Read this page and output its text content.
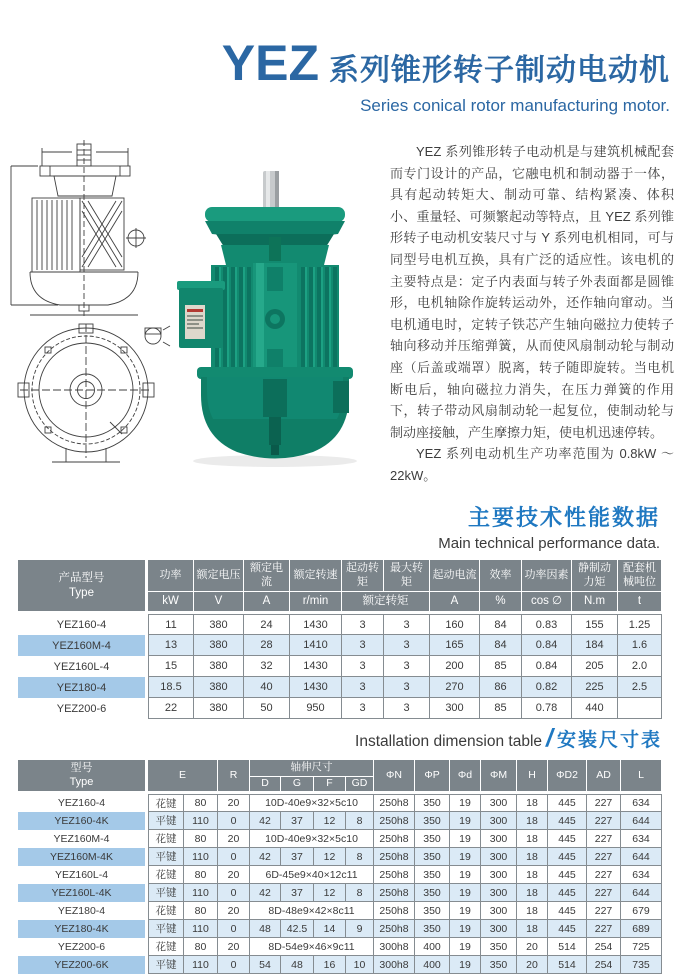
YEZ 系列锥形转子制动电动机
Series conical rotor manufacturing motor.

YEZ 系列锥形转子电动机是与建筑机械配套而专门设计的产品，它融电机和制动器于一体，具有起动转矩大、制动可靠、结构紧凑、体积小、重量轻、可频繁起动等特点，且 YEZ 系列锥形转子电动机安装尺寸与 Y 系列电机相同，可与同型号电机互换，具有广泛的适应性。该电机的主要特点是：定子内表面与转子外表面都是圆锥形，电机轴除作旋转运动外，还作轴向窜动。当电机通电时，定转子铁芯产生轴向磁拉力使转子轴向移动并压缩弹簧，从而使风扇制动轮与制动座（后盖或端罩）脱离，转子随即旋转。当电机断电后，轴向磁拉力消失，在压力弹簧的作用下，转子带动风扇制动轮一起复位，使制动轮与制动座接触，产生摩擦力矩，使电机迅速停转。

YEZ 系列电动机生产功率范围为 0.8kW ～ 22kW。

主要技术性能数据
Main technical performance data.
产品型号
Type	功率	额定电压	额定电流	额定转速	起动转矩	最大转矩	起动电流	效率	功率因素	静制动力矩	配套机械吨位
	kW	V	A	r/min	额定转矩		A	%	cos ∅	N.m	t
YEZ160-4	11	380	24	1430	3	3	160	84	0.83	155	1.25
YEZ160M-4	13	380	28	1410	3	3	165	84	0.84	184	1.6
YEZ160L-4	15	380	32	1430	3	3	200	85	0.84	205	2.0
YEZ180-4	18.5	380	40	1430	3	3	270	86	0.82	225	2.5
YEZ200-6	22	380	50	950	3	3	300	85	0.78	440	
Installation dimension table / 安装尺寸表
型号
Type	E		R	轴伸尺寸				ΦN	ΦP	Φd	ΦM	H	ΦD2	AD	L
				D	G	F	GD								
YEZ160-4	花键	80	20	10D-40e9×32×5c10				250h8	350	19	300	18	445	227	634
YEZ160-4K	平键	110	0	42	37	12	8	250h8	350	19	300	18	445	227	644
YEZ160M-4	花键	80	20	10D-40e9×32×5c10				250h8	350	19	300	18	445	227	634
YEZ160M-4K	平键	110	0	42	37	12	8	250h8	350	19	300	18	445	227	644
YEZ160L-4	花键	80	20	6D-45e9×40×12c11				250h8	350	19	300	18	445	227	634
YEZ160L-4K	平键	110	0	42	37	12	8	250h8	350	19	300	18	445	227	644
YEZ180-4	花键	80	20	8D-48e9×42×8c11				250h8	350	19	300	18	445	227	679
YEZ180-4K	平键	110	0	48	42.5	14	9	250h8	350	19	300	18	445	227	689
YEZ200-6	花键	80	20	8D-54e9×46×9c11				300h8	400	19	350	20	514	254	725
YEZ200-6K	平键	110	0	54	48	16	10	300h8	400	19	350	20	514	254	735
